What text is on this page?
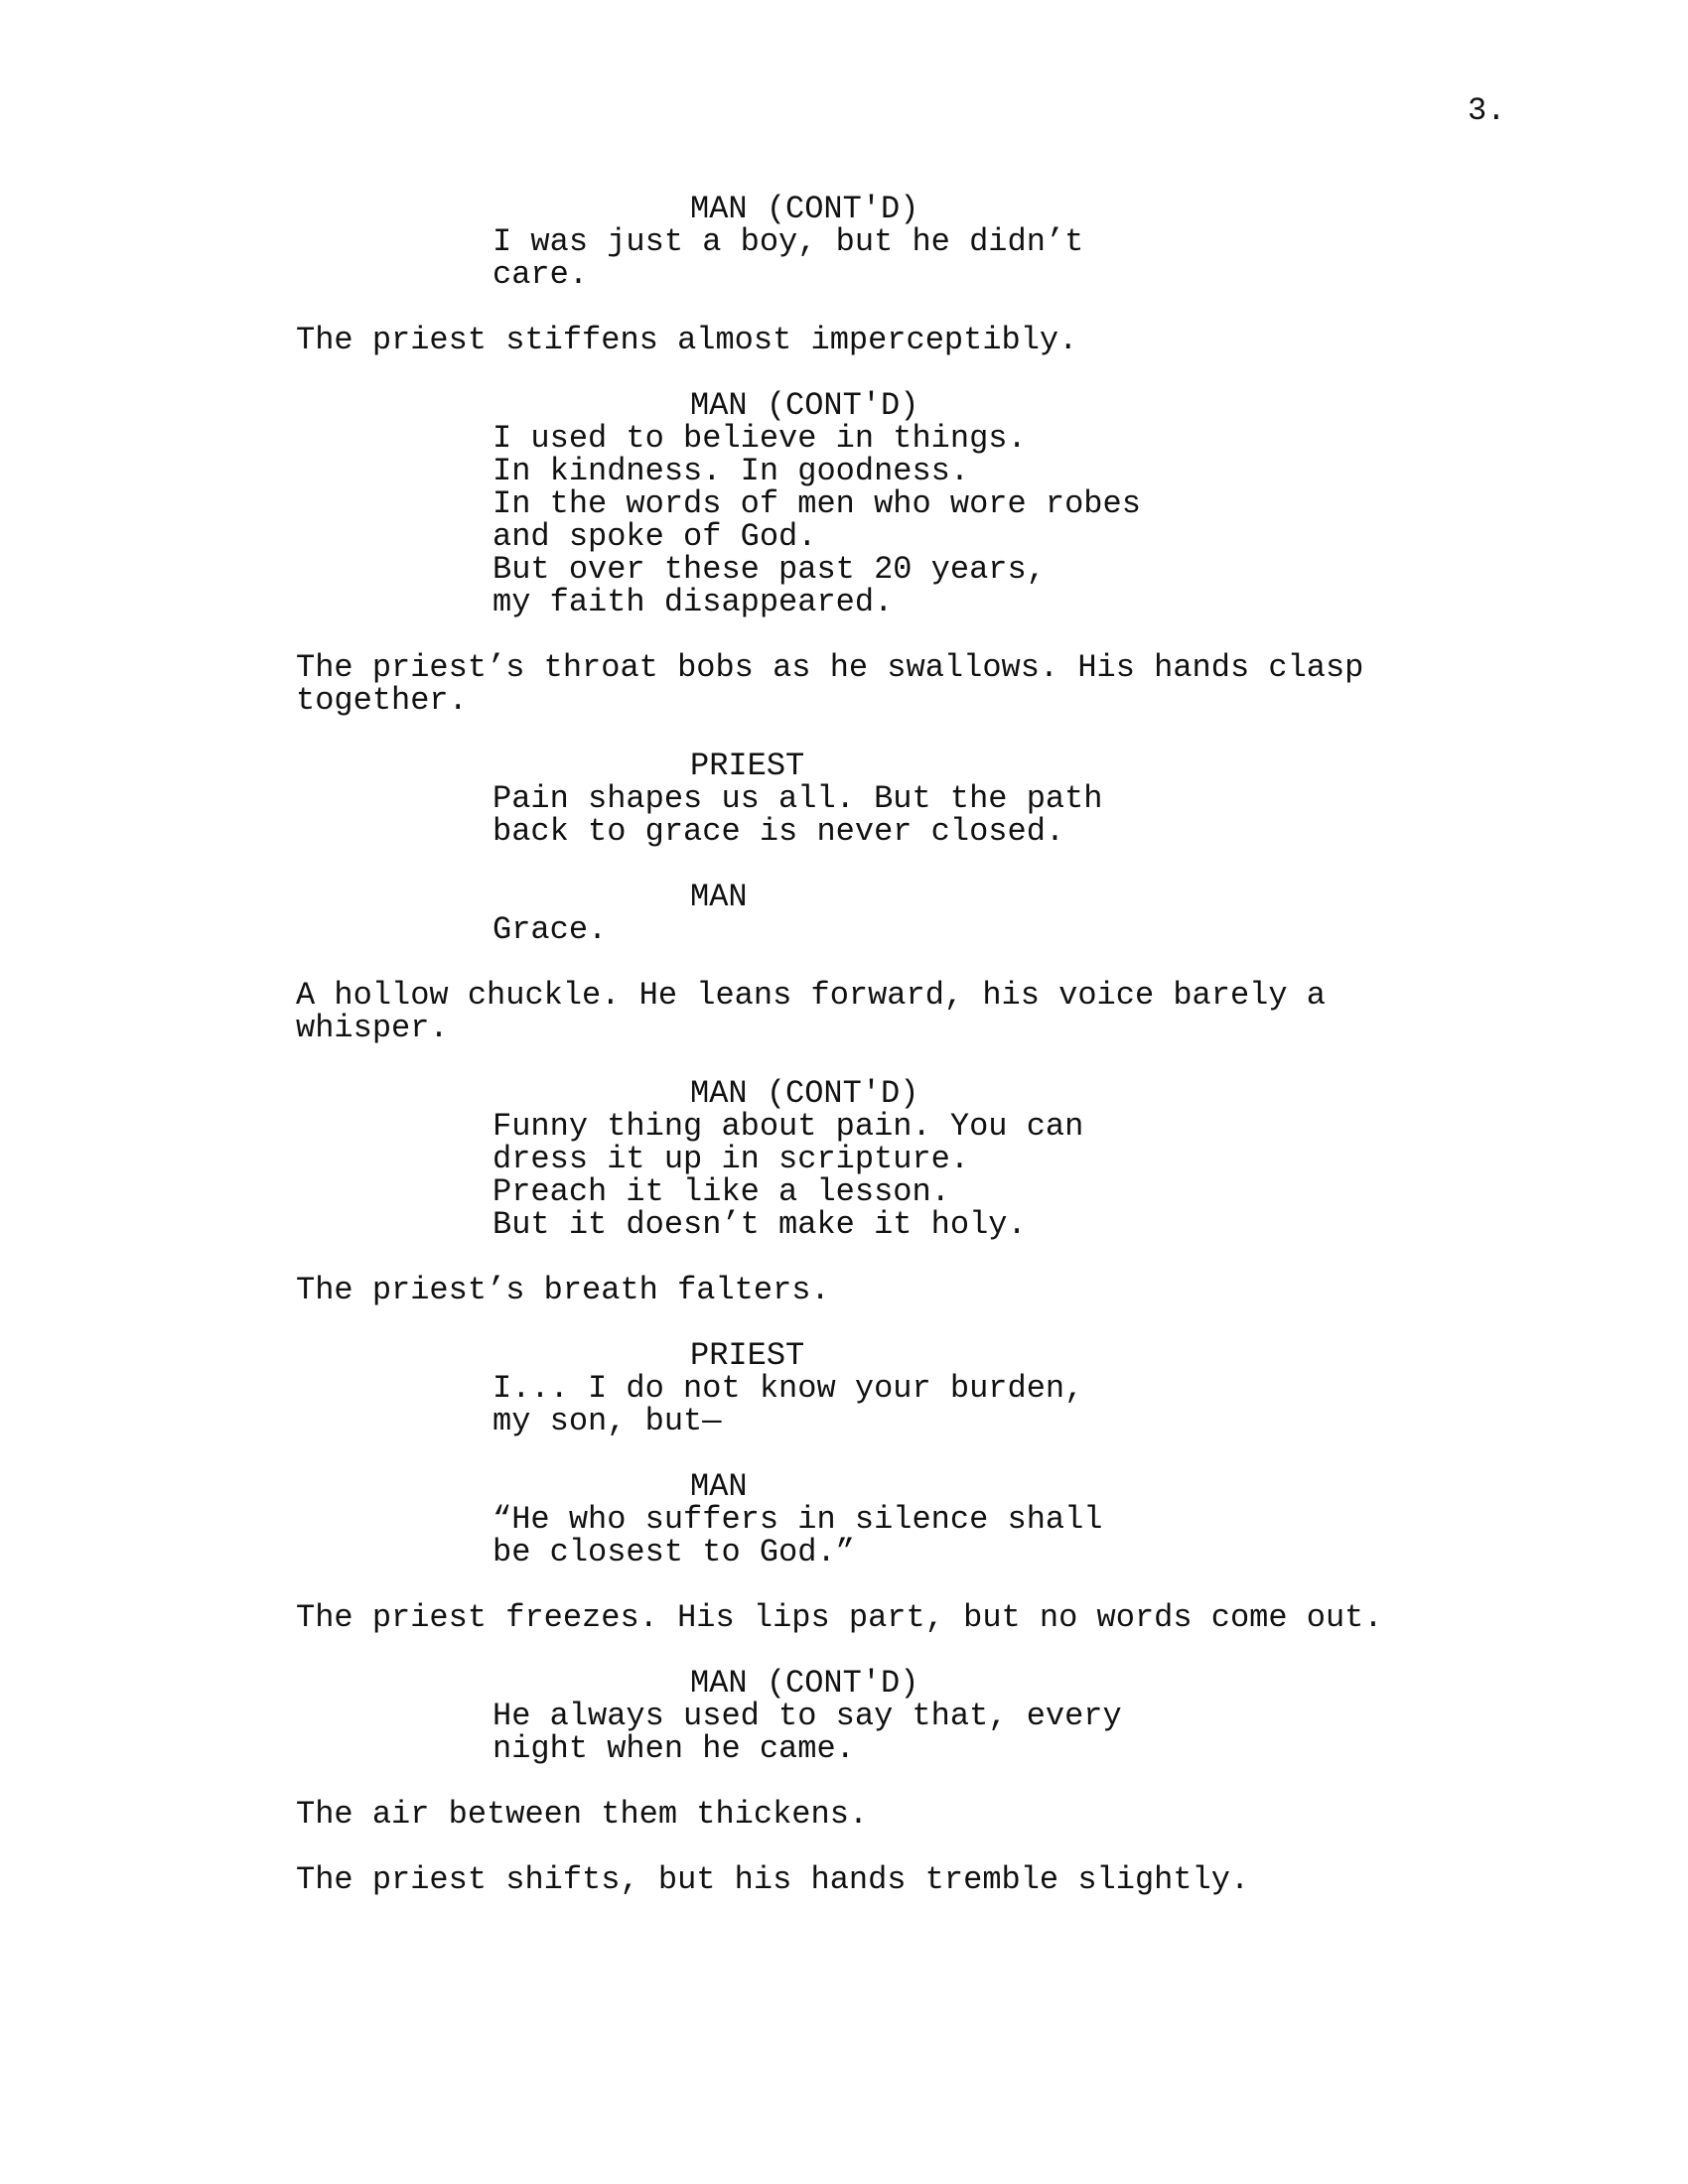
3.
MAN (CONT'D)
I was just a boy, but he didn’t
care.
The priest stiffens almost imperceptibly.
MAN (CONT'D)
I used to believe in things.
In kindness. In goodness.
In the words of men who wore robes
and spoke of God.
But over these past 20 years,
my faith disappeared.
The priest’s throat bobs as he swallows. His hands clasp
together.
PRIEST
Pain shapes us all. But the path
back to grace is never closed.
MAN
Grace.
A hollow chuckle. He leans forward, his voice barely a
whisper.
MAN (CONT'D)
Funny thing about pain. You can
dress it up in scripture.
Preach it like a lesson.
But it doesn’t make it holy.
The priest’s breath falters.
PRIEST
I... I do not know your burden,
my son, but—
MAN
“He who suffers in silence shall
be closest to God.”
The priest freezes. His lips part, but no words come out.
MAN (CONT'D)
He always used to say that, every
night when he came.
The air between them thickens.
The priest shifts, but his hands tremble slightly.
